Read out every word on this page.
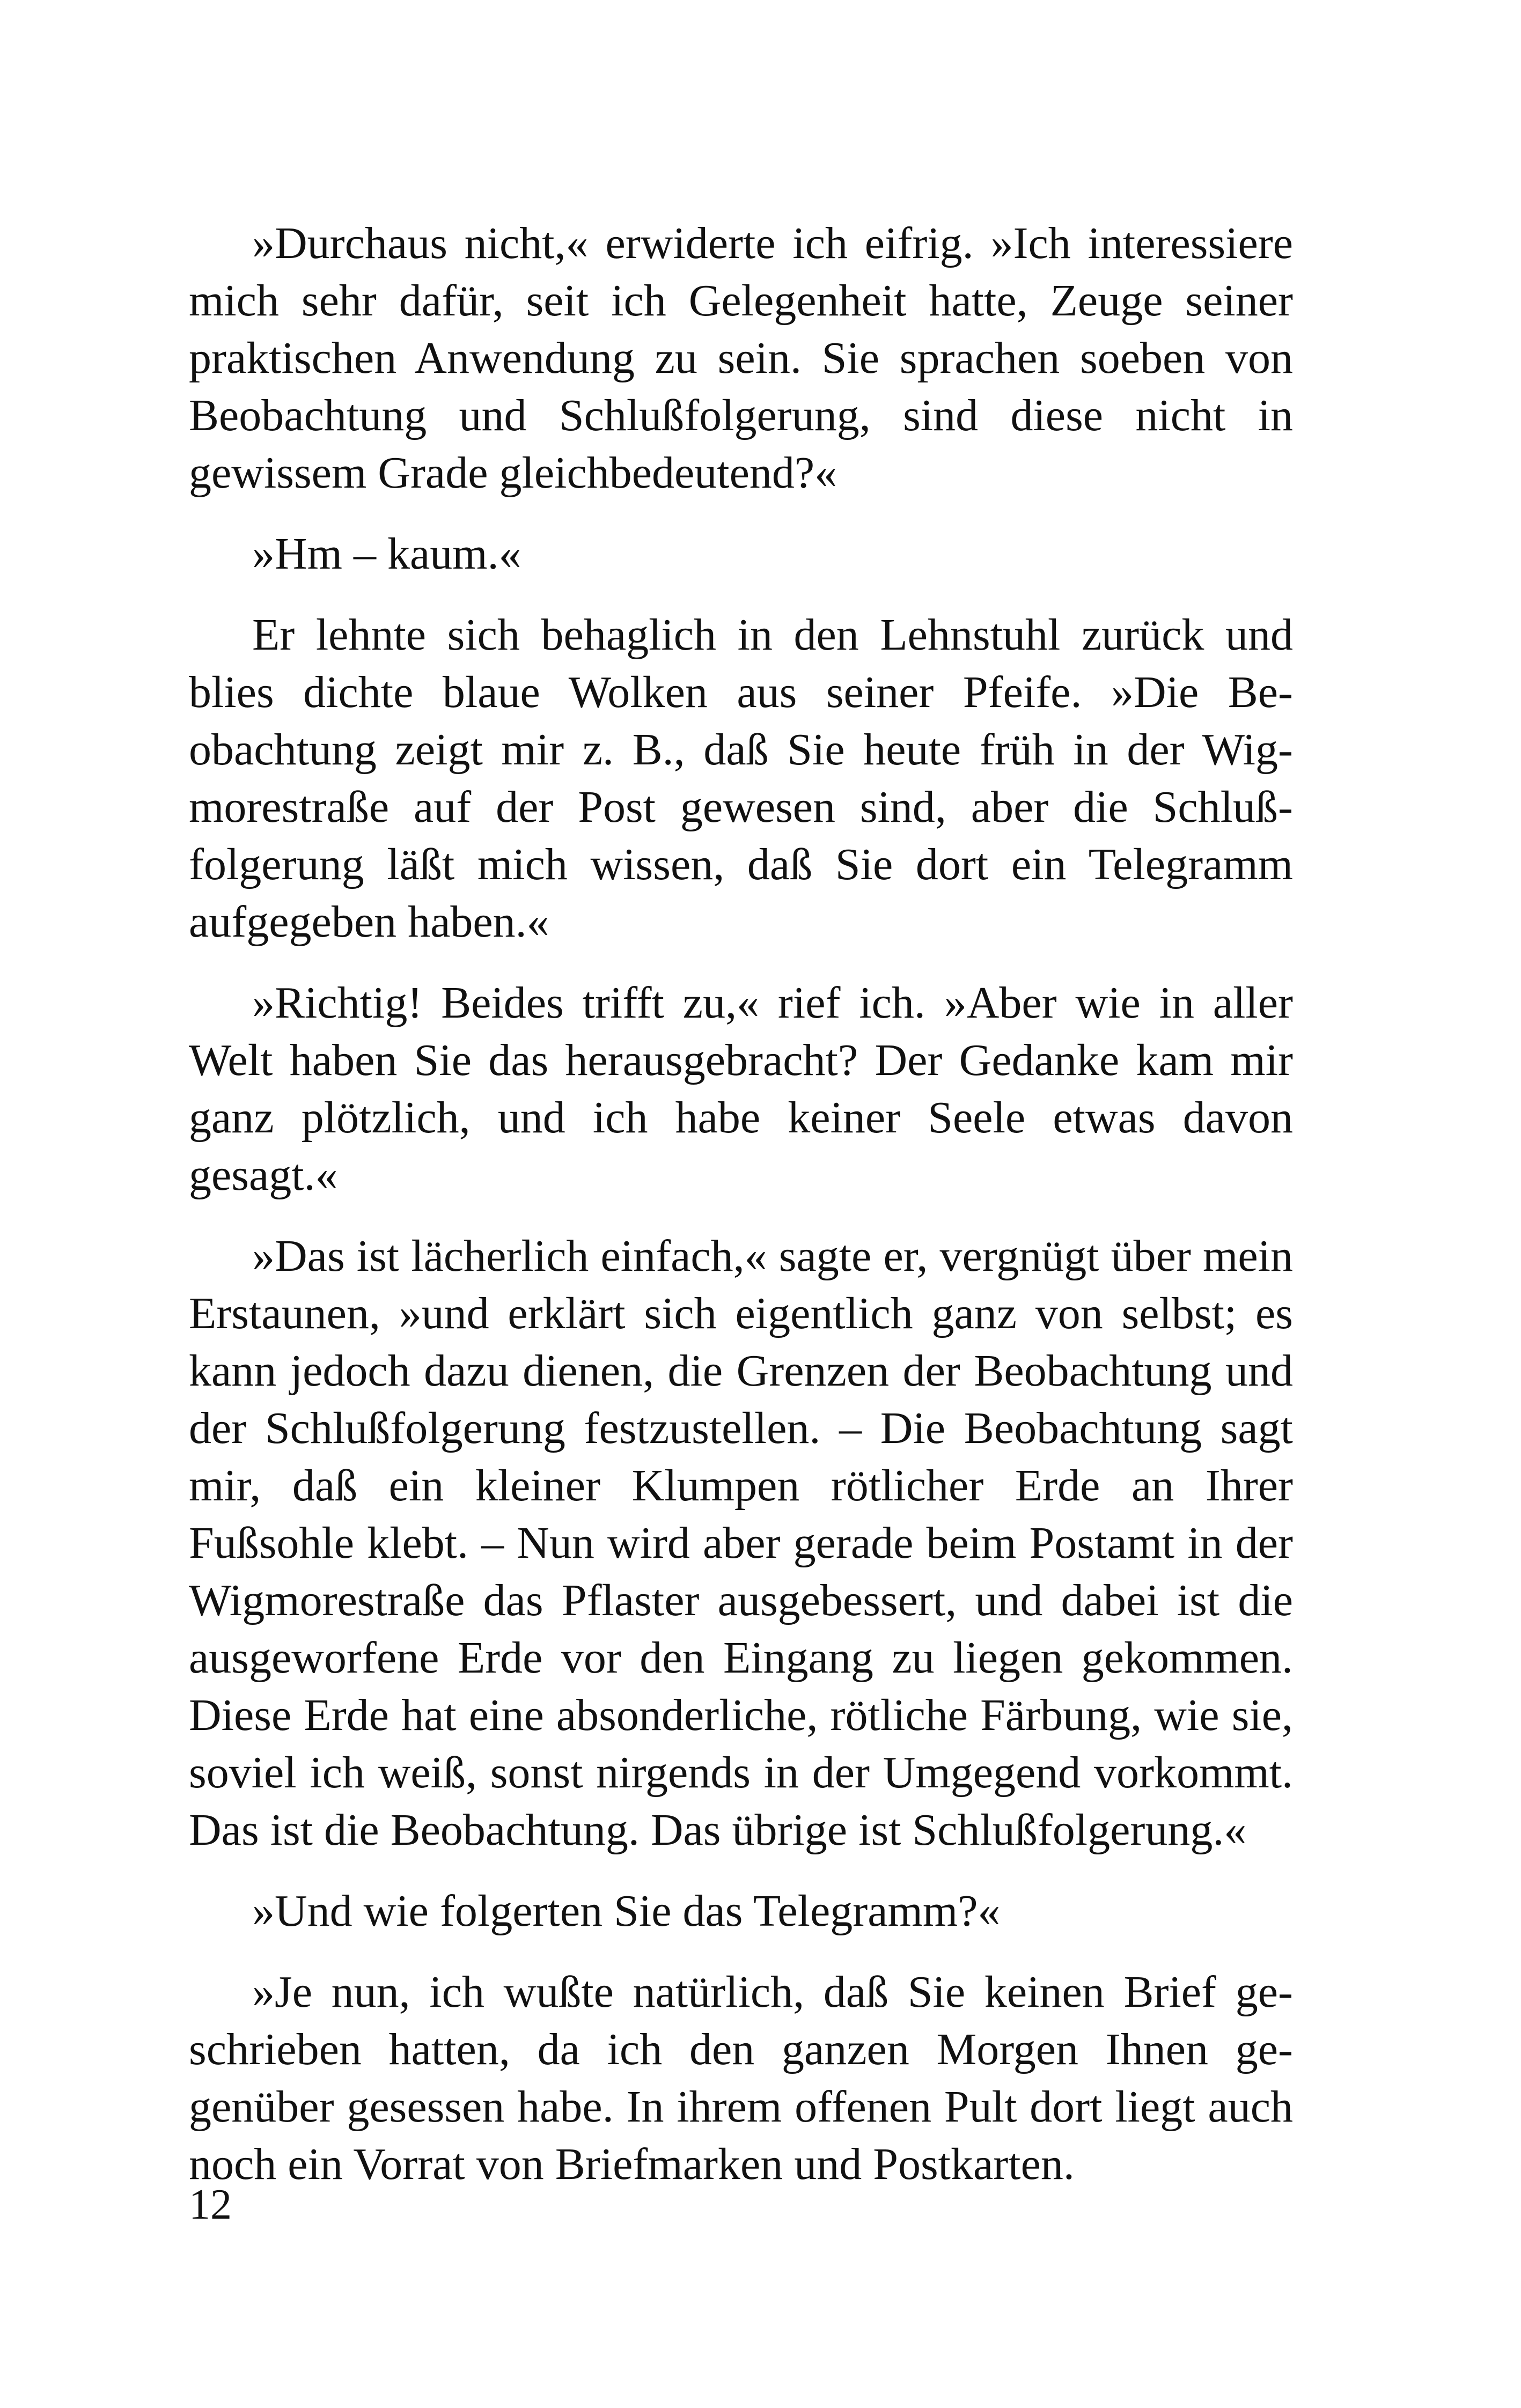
»Durchaus nicht,« erwiderte ich eifrig. »Ich interessiere mich sehr dafür, seit ich Gelegenheit hatte, Zeuge seiner praktischen Anwendung zu sein. Sie sprachen soeben von Beobachtung und Schlußfolgerung, sind diese nicht in gewissem Grade gleichbedeutend?«

»Hm – kaum.«

Er lehnte sich behaglich in den Lehnstuhl zurück und blies dichte blaue Wolken aus seiner Pfeife. »Die Beobachtung zeigt mir z. B., daß Sie heute früh in der Wigmorestraße auf der Post gewesen sind, aber die Schlußfolgerung läßt mich wissen, daß Sie dort ein Telegramm aufgegeben haben.«

»Richtig! Beides trifft zu,« rief ich. »Aber wie in aller Welt haben Sie das herausgebracht? Der Gedanke kam mir ganz plötzlich, und ich habe keiner Seele etwas davon gesagt.«

»Das ist lächerlich einfach,« sagte er, vergnügt über mein Erstaunen, »und erklärt sich eigentlich ganz von selbst; es kann jedoch dazu dienen, die Grenzen der Beobachtung und der Schlußfolgerung festzustellen. – Die Beobachtung sagt mir, daß ein kleiner Klumpen rötlicher Erde an Ihrer Fußsohle klebt. – Nun wird aber gerade beim Postamt in der Wigmorestraße das Pflaster ausgebessert, und dabei ist die ausgeworfene Erde vor den Eingang zu liegen gekommen. Diese Erde hat eine absonderliche, rötliche Färbung, wie sie, soviel ich weiß, sonst nirgends in der Umgegend vorkommt. Das ist die Beobachtung. Das übrige ist Schlußfolgerung.«

»Und wie folgerten Sie das Telegramm?«

»Je nun, ich wußte natürlich, daß Sie keinen Brief geschrieben hatten, da ich den ganzen Morgen Ihnen gegenüber gesessen habe. In ihrem offenen Pult dort liegt auch noch ein Vorrat von Briefmarken und Postkarten.

12
